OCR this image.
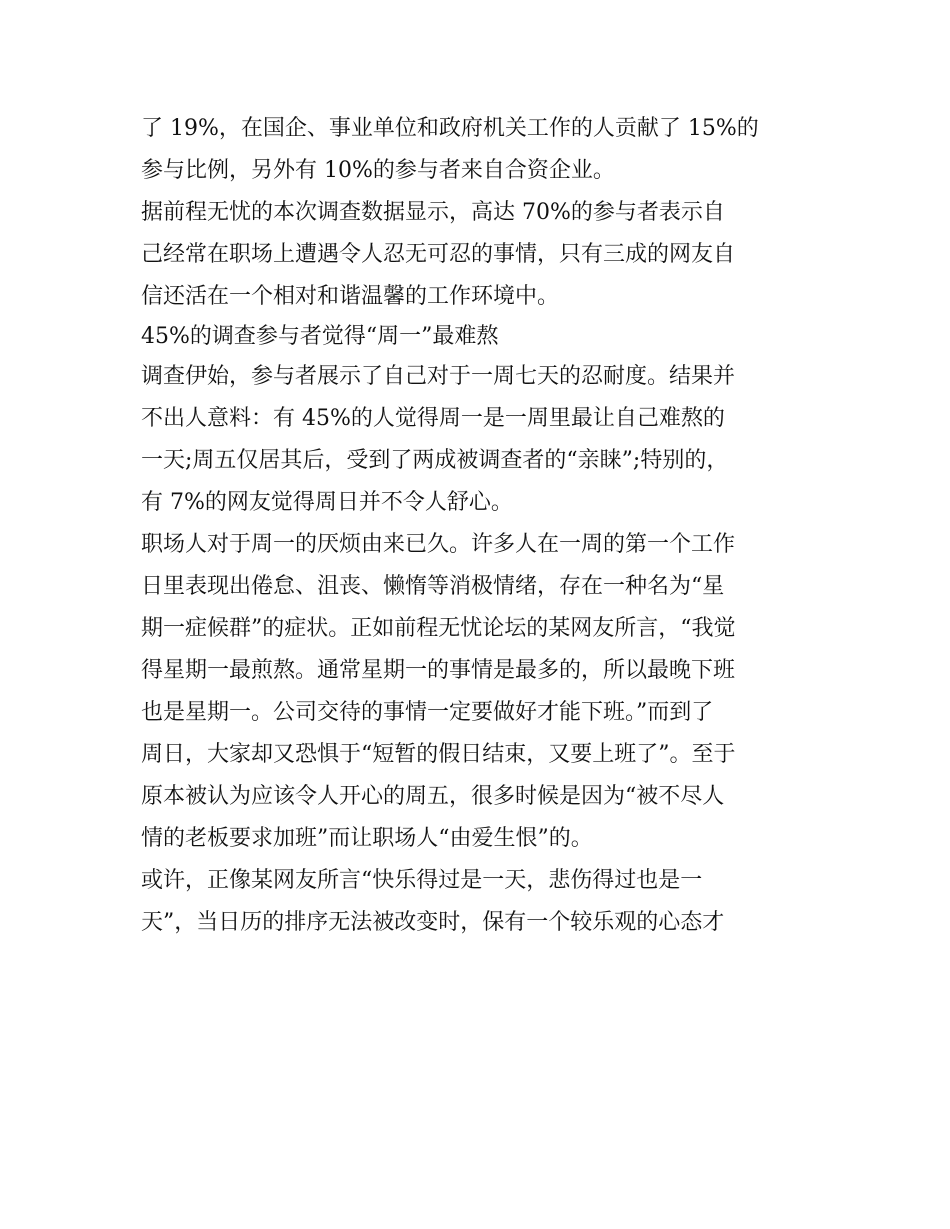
了 19%，在国企、事业单位和政府机关工作的人贡献了 15%的
参与比例，另外有 10%的参与者来自合资企业。
据前程无忧的本次调查数据显示，高达 70%的参与者表示自
己经常在职场上遭遇令人忍无可忍的事情，只有三成的网友自
信还活在一个相对和谐温馨的工作环境中。
45%的调查参与者觉得“周一”最难熬
调查伊始，参与者展示了自己对于一周七天的忍耐度。结果并
不出人意料：有 45%的人觉得周一是一周里最让自己难熬的
一天;周五仅居其后，受到了两成被调查者的“亲睐”;特别的，
有 7%的网友觉得周日并不令人舒心。
职场人对于周一的厌烦由来已久。许多人在一周的第一个工作
日里表现出倦怠、沮丧、懒惰等消极情绪，存在一种名为“星
期一症候群”的症状。正如前程无忧论坛的某网友所言，“我觉
得星期一最煎熬。通常星期一的事情是最多的，所以最晚下班
也是星期一。公司交待的事情一定要做好才能下班。”而到了
周日，大家却又恐惧于“短暂的假日结束，又要上班了”。至于
原本被认为应该令人开心的周五，很多时候是因为“被不尽人
情的老板要求加班”而让职场人“由爱生恨”的。
或许，正像某网友所言“快乐得过是一天，悲伤得过也是一
天”，当日历的排序无法被改变时，保有一个较乐观的心态才
